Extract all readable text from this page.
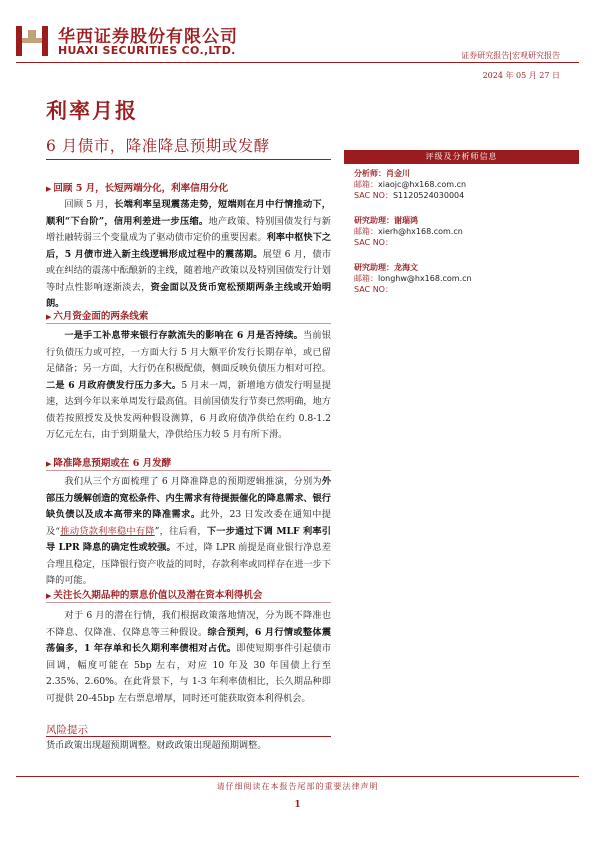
华西证券股份有限公司
HUAXI SECURITIES CO.,LTD.	证券研究报告|宏观研究报告
2024 年 05 月 27 日
利率月报
6 月债市，降准降息预期或发酵
▶ 回顾 5 月，长短两端分化，利率信用分化
回顾 5 月，长端利率呈现震荡走势，短端则在月中行情推动下，顺利“下台阶”，信用利差进一步压缩。地产政策、特别国债发行与新增社融转弱三个变量成为了驱动债市定价的重要因素。利率中枢快下之后，5 月债市进入新主线逻辑形成过程中的震荡期。展望 6 月，债市或在纠结的震荡中酝酿新的主线，随着地产政策以及特别国债发行计划等时点性影响逐渐淡去，资金面以及货币宽松预期两条主线或开始明朗。
▶ 六月资金面的两条线索
一是手工补息带来银行存款流失的影响在 6 月是否持续。当前银行负债压力或可控，一方面大行 5 月大额平价发行长期存单，或已留足储备；另一方面，大行仍在积极配债，侧面反映负债压力相对可控。二是 6 月政府债发行压力多大。5 月末一周，新增地方债发行明显提速，达到今年以来单周发行最高值。目前国债发行节奏已然明确，地方债若按照授发及快发两种假设测算，6 月政府债净供给在约 0.8-1.2 万亿元左右，由于到期量大，净供给压力较 5 月有所下滑。
▶ 降准降息预期或在 6 月发酵
我们从三个方面梳理了 6 月降准降息的预期逻辑推演，分别为外部压力缓解创造的宽松条件、内生需求有待提振催化的降息需求、银行缺负债以及成本高带来的降准需求。此外，23 日发改委在通知中提及“推动贷款利率稳中有降”，往后看，下一步通过下调 MLF 利率引导 LPR 降息的确定性或较强。不过，降 LPR 前提是商业银行净息差合理且稳定，压降银行资产收益的同时，存款利率或同样存在进一步下降的可能。
▶ 关注长久期品种的票息价值以及潜在资本利得机会
对于 6 月的潜在行情，我们根据政策落地情况，分为既不降准也不降息、仅降准、仅降息等三种假设。综合预判，6 月行情或整体震荡偏多，1 年存单和长久期利率债相对占优。即使短期事件引起债市回调，幅度可能在 5bp 左右，对应 10 年及 30 年国债上行至 2.35%、2.60%。在此背景下，与 1-3 年利率债相比，长久期品种即可提供 20-45bp 左右票息增厚，同时还可能获取资本利得机会。
风险提示
货币政策出现超预期调整。财政政策出现超预期调整。
评级及分析师信息
分析师：肖金川
邮箱：xiaojc@hx168.com.cn
SAC NO：S1120524030004
研究助理：谢瑞鸿
邮箱：xierh@hx168.com.cn
SAC NO：
研究助理：龙海文
邮箱：longhw@hx168.com.cn
SAC NO：
请仔细阅读在本报告尾部的重要法律声明
1
